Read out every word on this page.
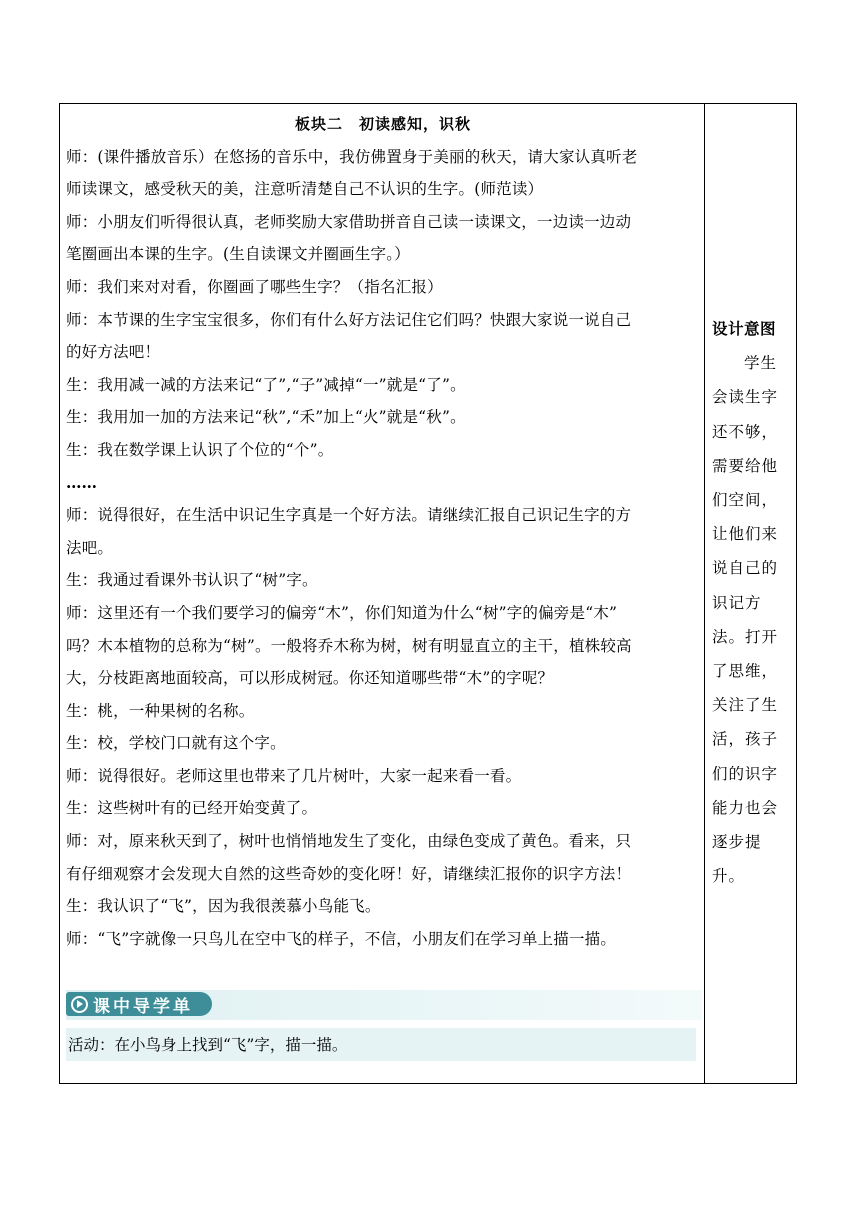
板块二　初读感知，识秋
师：(课件播放音乐）在悠扬的音乐中，我仿佛置身于美丽的秋天，请大家认真听老
师读课文，感受秋天的美，注意听清楚自己不认识的生字。(师范读）
师：小朋友们听得很认真，老师奖励大家借助拼音自己读一读课文，一边读一边动
笔圈画出本课的生字。(生自读课文并圈画生字。）
师：我们来对对看，你圈画了哪些生字？（指名汇报）
师：本节课的生字宝宝很多，你们有什么好方法记住它们吗？快跟大家说一说自己
的好方法吧！
生：我用减一减的方法来记“了”,“子”减掉“一”就是“了”。
生：我用加一加的方法来记“秋”,“禾”加上“火”就是“秋”。
生：我在数学课上认识了个位的“个”。
……
师：说得很好，在生活中识记生字真是一个好方法。请继续汇报自己识记生字的方
法吧。
生：我通过看课外书认识了“树”字。
师：这里还有一个我们要学习的偏旁“木”，你们知道为什么“树”字的偏旁是“木”
吗？木本植物的总称为“树”。一般将乔木称为树，树有明显直立的主干，植株较高
大，分枝距离地面较高，可以形成树冠。你还知道哪些带“木”的字呢？
生：桃，一种果树的名称。
生：校，学校门口就有这个字。
师：说得很好。老师这里也带来了几片树叶，大家一起来看一看。
生：这些树叶有的已经开始变黄了。
师：对，原来秋天到了，树叶也悄悄地发生了变化，由绿色变成了黄色。看来，只
有仔细观察才会发现大自然的这些奇妙的变化呀！好，请继续汇报你的识字方法！
生：我认识了“飞”，因为我很羡慕小鸟能飞。
师：“飞”字就像一只鸟儿在空中飞的样子，不信，小朋友们在学习单上描一描。
课中导学单
活动：在小鸟身上找到“飞”字，描一描。
设计意图
学生会读生字还不够，需要给他们空间，让他们来说自己的识记方法。打开了思维，关注了生活，孩子们的识字能力也会逐步提升。
